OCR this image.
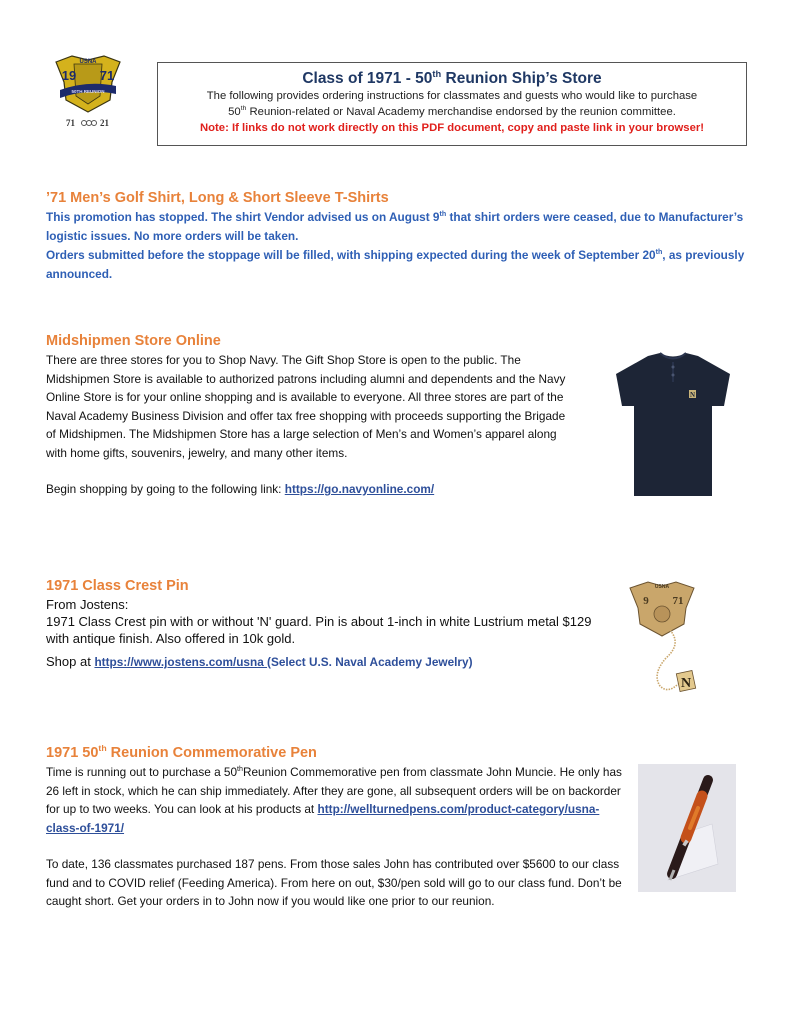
USNA
19 71
50TH REUNION
71	21
Class of 1971 - 50th Reunion Ship’s Store
The following provides ordering instructions for classmates and guests who would like to purchase
50th Reunion-related or Naval Academy merchandise endorsed by the reunion committee.
Note: If links do not work directly on this PDF document, copy and paste link in your browser!
’71 Men’s Golf Shirt, Long & Short Sleeve T-Shirts
This promotion has stopped. The shirt Vendor advised us on August 9th that shirt orders were ceased, due to Manufacturer’s logistic issues. No more orders will be taken.
Orders submitted before the stoppage will be filled, with shipping expected during the week of September 20th, as previously announced.
Midshipmen Store Online
There are three stores for you to Shop Navy. The Gift Shop Store is open to the public. The Midshipmen Store is available to authorized patrons including alumni and dependents and the Navy Online Store is for your online shopping and is available to everyone. All three stores are part of the Naval Academy Business Division and offer tax free shopping with proceeds supporting the Brigade of Midshipmen. The Midshipmen Store has a large selection of Men’s and Women’s apparel along with home gifts, souvenirs, jewelry, and many other items.
Begin shopping by going to the following link: https://go.navyonline.com/
N
1971 Class Crest Pin
From Jostens:
1971 Class Crest pin with or without 'N' guard. Pin is about 1-inch in white Lustrium metal $129 with antique finish. Also offered in 10k gold.
Shop at https://www.jostens.com/usna (Select U.S. Naval Academy Jewelry)
USNA
9 71
N
1971 50th Reunion Commemorative Pen
Time is running out to purchase a 50thReunion Commemorative pen from classmate John Muncie. He only has 26 left in stock, which he can ship immediately. After they are gone, all subsequent orders will be on backorder for up to two weeks. You can look at his products at http://wellturnedpens.com/product-category/usna-class-of-1971/
To date, 136 classmates purchased 187 pens. From those sales John has contributed over $5600 to our class fund and to COVID relief (Feeding America). From here on out, $30/pen sold will go to our class fund. Don’t be caught short. Get your orders in to John now if you would like one prior to our reunion.
